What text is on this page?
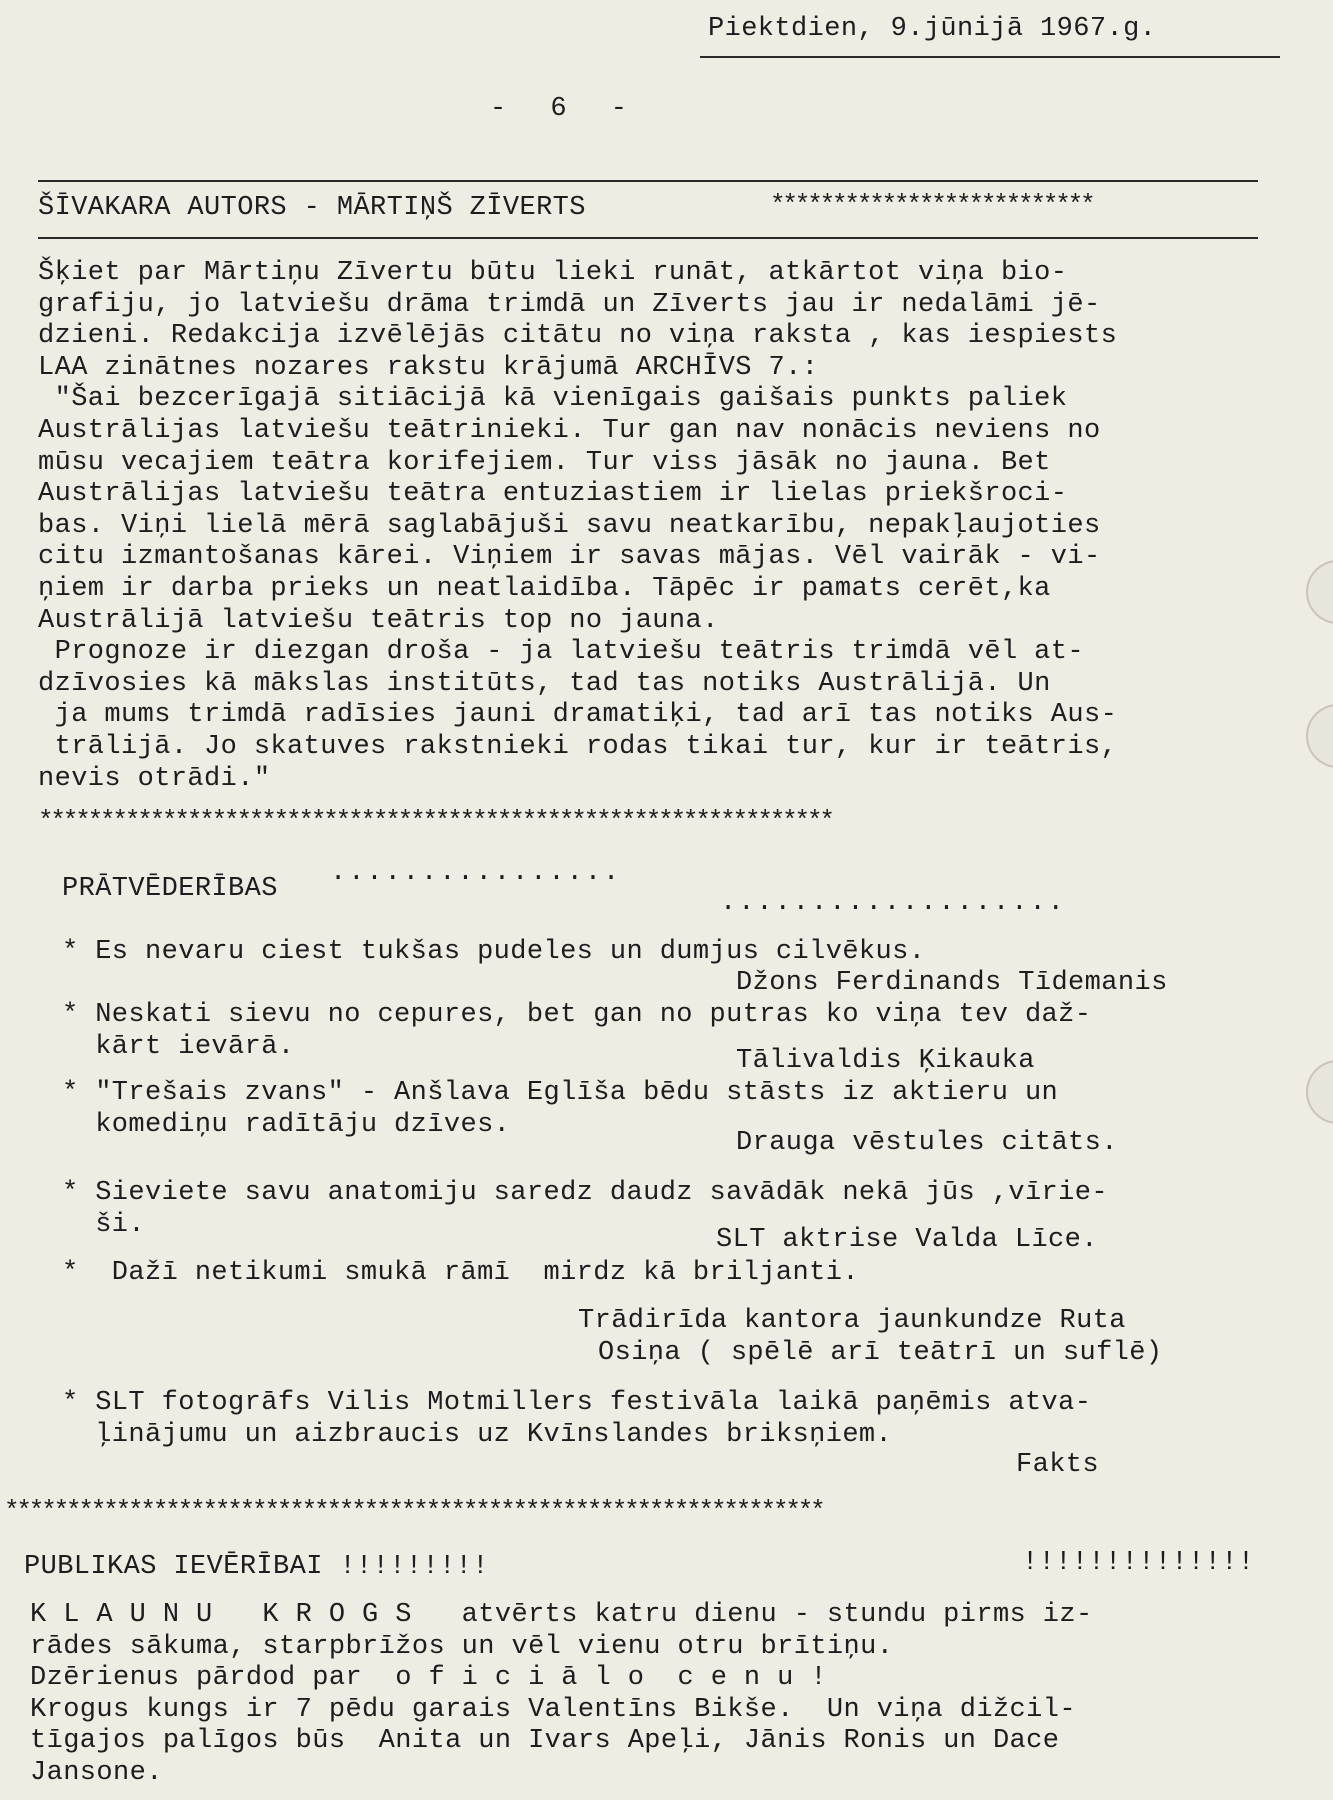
Piektdien, 9.jūnijā 1967.g.
- 6 -
ŠĪVAKARA AUTORS - MĀRTIŅŠ ZĪVERTS	**************************
Šķiet par Mārtiņu Zīvertu būtu lieki runāt, atkārtot viņa bio-
grafiju, jo latviešu drāma trimdā un Zīverts jau ir nedalāmi jē-
dzieni. Redakcija izvēlējās citātu no viņa raksta , kas iespiests
LAA zinātnes nozares rakstu krājumā ARCHĪVS 7.:
"Šai bezcerīgajā sitiācijā kā vienīgais gaišais punkts paliek
Austrālijas latviešu teātrinieki. Tur gan nav nonācis neviens no
mūsu vecajiem teātra korifejiem. Tur viss jāsāk no jauna. Bet
Austrālijas latviešu teātra entuziastiem ir lielas priekšroci-
bas. Viņi lielā mērā saglabājuši savu neatkarību, nepakļaujoties
citu izmantošanas kārei. Viņiem ir savas mājas. Vēl vairāk - vi-
ņiem ir darba prieks un neatlaidība. Tāpēc ir pamats cerēt,ka
Austrālijā latviešu teātris top no jauna.
Prognoze ir diezgan droša - ja latviešu teātris trimdā vēl at-
dzīvosies kā mākslas institūts, tad tas notiks Austrālijā. Un
ja mums trimdā radīsies jauni dramatiķi, tad arī tas notiks Aus-
trālijā. Jo skatuves rakstnieki rodas tikai tur, kur ir teātris,
nevis otrādi."
****************************************************************
PRĀTVĒDERĪBAS
................
...................
* Es nevaru ciest tukšas pudeles un dumjus cilvēkus.
Džons Ferdinands Tīdemanis
* Neskati sievu no cepures, bet gan no putras ko viņa tev daž-
kārt ievārā.	Tālivaldis Ķikauka
* "Trešais zvans" - Anšlava Eglīša bēdu stāsts iz aktieru un
komediņu radītāju dzīves.
Drauga vēstules citāts.
* Sieviete savu anatomiju saredz daudz savādāk nekā jūs ,vīrie-
ši.
SLT aktrise Valda Līce.
*  Dažī netikumi smukā rāmī  mirdz kā briljanti.
Trādirīda kantora jaunkundze Ruta
Osiņa ( spēlē arī teātrī un suflē)
* SLT fotogrāfs Vilis Motmillers festivāla laikā paņēmis atva-
ļinājumu un aizbraucis uz Kvīnslandes briksņiem.
Fakts
******************************************************************
PUBLIKAS IEVĒRĪBAI !!!!!!!!!	!!!!!!!!!!!!!!
K L A U N U   K R O G S   atvērts katru dienu - stundu pirms iz-
rādes sākuma, starpbrīžos un vēl vienu otru brītiņu.
Dzērienus pārdod par  o f i c i ā l o  c e n u !
Krogus kungs ir 7 pēdu garais Valentīns Bikše.  Un viņa dižcil-
tīgajos palīgos būs  Anita un Ivars Apeļi, Jānis Ronis un Dace
Jansone.
